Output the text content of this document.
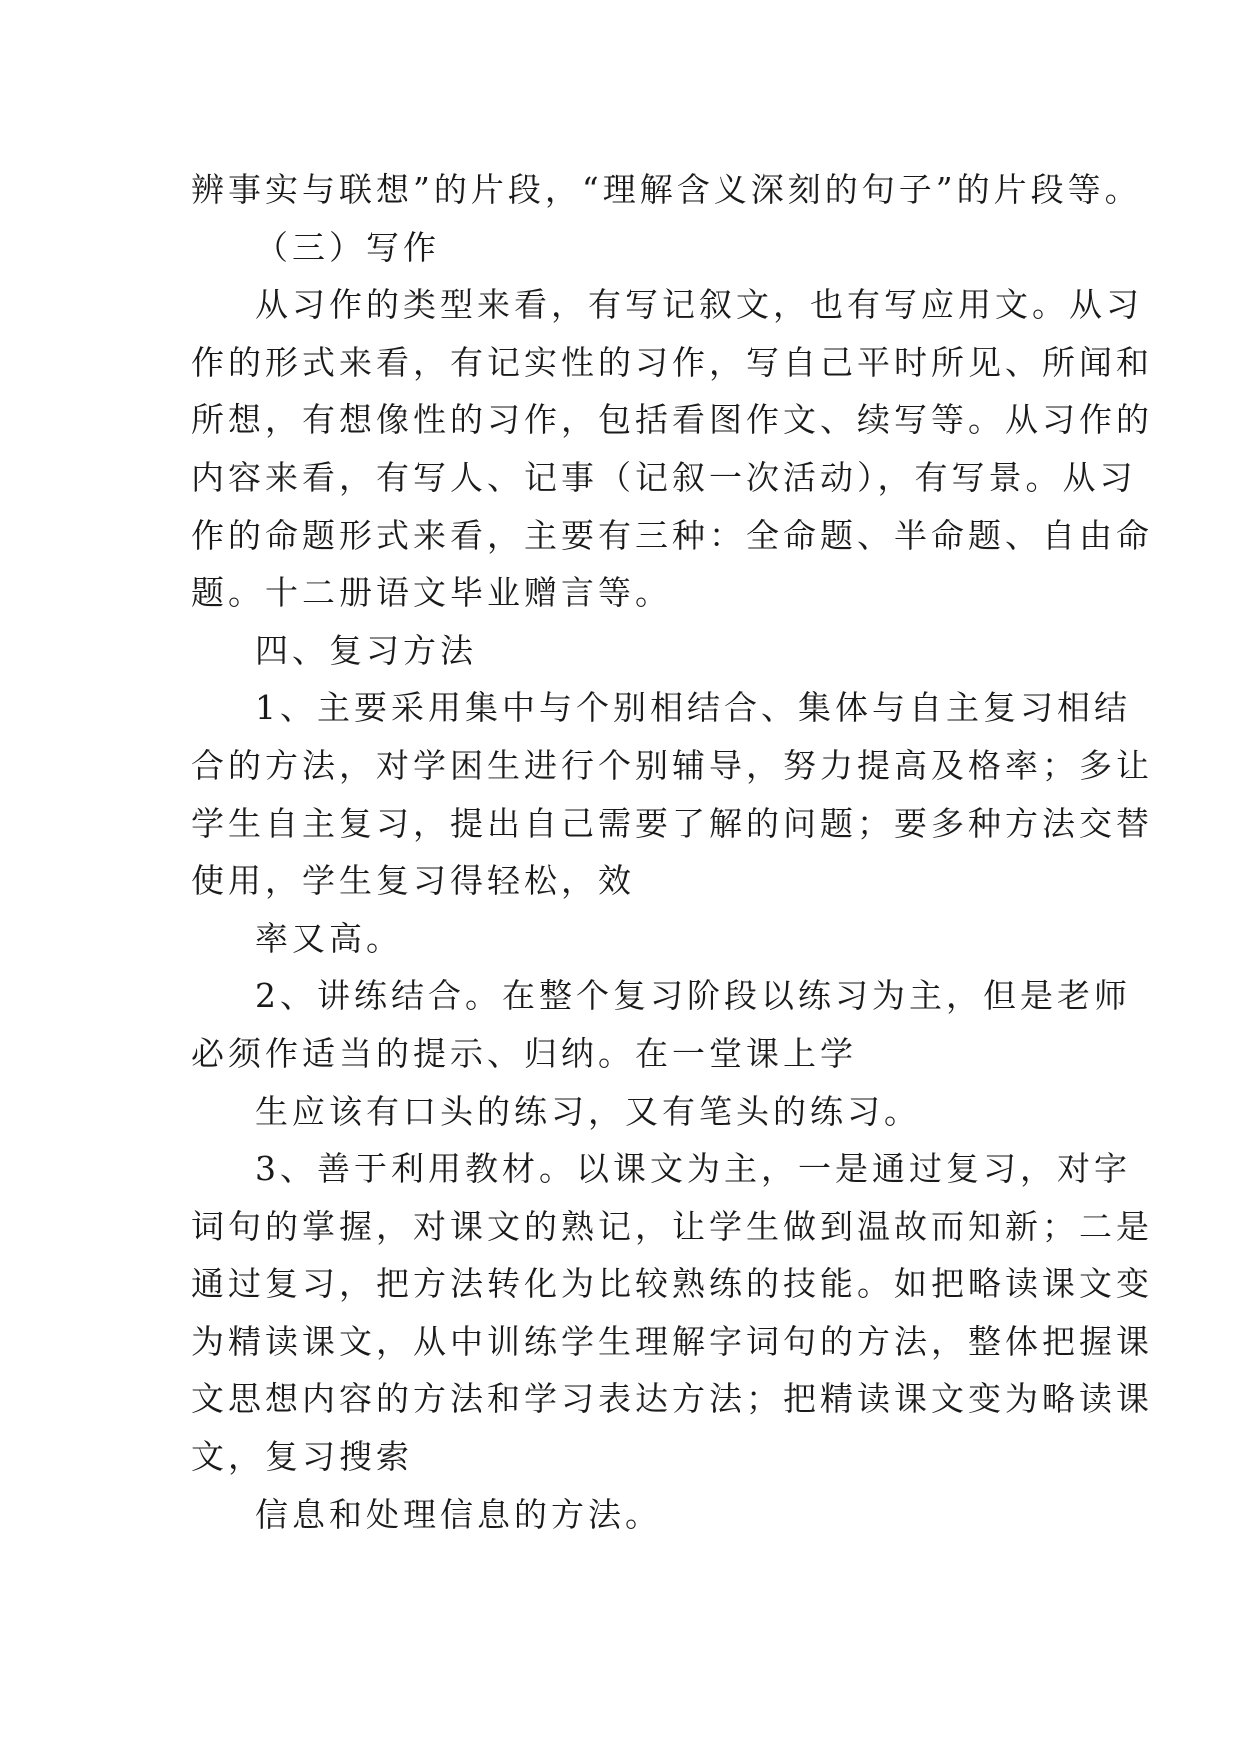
辨事实与联想”的片段，“理解含义深刻的句子”的片段等。
（三）写作
从习作的类型来看，有写记叙文，也有写应用文。从习
作的形式来看，有记实性的习作，写自己平时所见、所闻和
所想，有想像性的习作，包括看图作文、续写等。从习作的
内容来看，有写人、记事（记叙一次活动），有写景。从习
作的命题形式来看，主要有三种：全命题、半命题、自由命
题。十二册语文毕业赠言等。
四、复习方法
1、主要采用集中与个别相结合、集体与自主复习相结
合的方法，对学困生进行个别辅导，努力提高及格率；多让
学生自主复习，提出自己需要了解的问题；要多种方法交替
使用，学生复习得轻松，效
率又高。
2、讲练结合。在整个复习阶段以练习为主，但是老师
必须作适当的提示、归纳。在一堂课上学
生应该有口头的练习，又有笔头的练习。
3、善于利用教材。以课文为主，一是通过复习，对字
词句的掌握，对课文的熟记，让学生做到温故而知新；二是
通过复习，把方法转化为比较熟练的技能。如把略读课文变
为精读课文，从中训练学生理解字词句的方法，整体把握课
文思想内容的方法和学习表达方法；把精读课文变为略读课
文，复习搜索
信息和处理信息的方法。
